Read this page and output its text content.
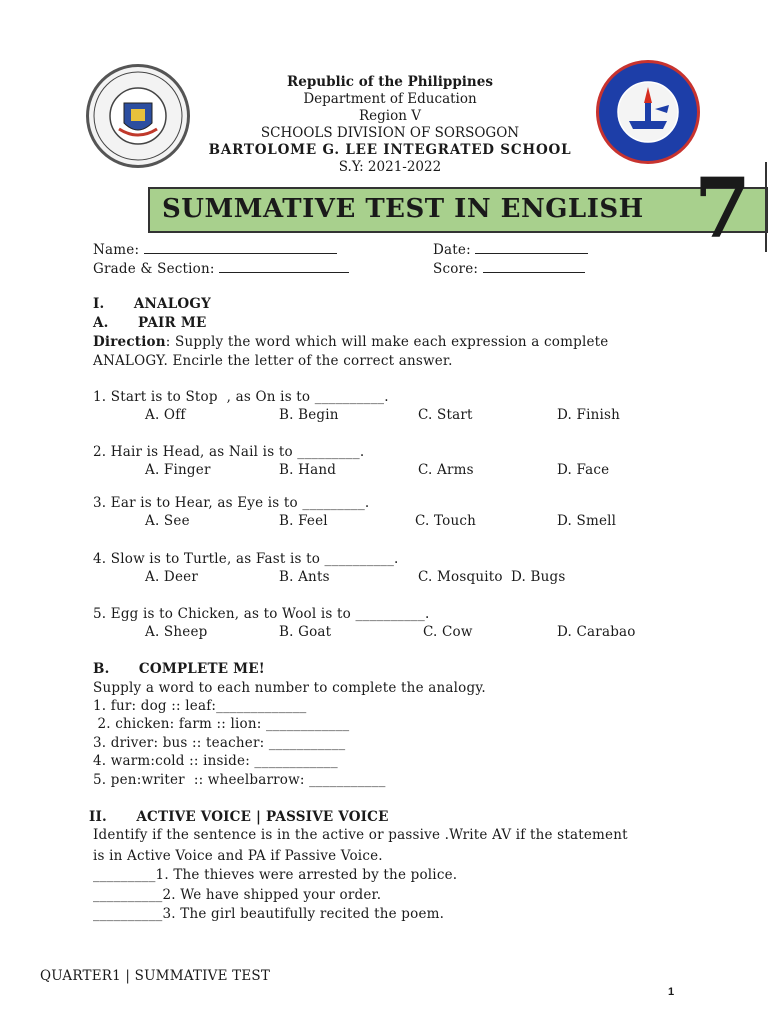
Republic of the Philippines
Department of Education
Region V
SCHOOLS DIVISION OF SORSOGON
BARTOLOME G. LEE INTEGRATED SCHOOL
S.Y: 2021-2022
SUMMATIVE TEST IN ENGLISH 7
Name:	Date:
Grade & Section:	Score:
I.      ANALOGY
A.      PAIR ME
Direction: Supply the word which will make each expression a complete
ANALOGY. Encirle the letter of the correct answer.
1. Start is to Stop  , as On is to __________.
A. Off	B. Begin	C. Start	D. Finish
2. Hair is Head, as Nail is to _________.
A. Finger	B. Hand	C. Arms	D. Face
3. Ear is to Hear, as Eye is to _________.
A. See	B. Feel	C. Touch	D. Smell
4. Slow is to Turtle, as Fast is to __________.
A. Deer	B. Ants	C. Mosquito D. Bugs
5. Egg is to Chicken, as to Wool is to __________.
A. Sheep	B. Goat	C. Cow	D. Carabao
B.      COMPLETE ME!
Supply a word to each number to complete the analogy.
1. fur: dog :: leaf:_____________
2. chicken: farm :: lion: ____________
3. driver: bus :: teacher: ___________
4. warm:cold :: inside: ____________
5. pen:writer  :: wheelbarrow: ___________
II.      ACTIVE VOICE | PASSIVE VOICE
Identify if the sentence is in the active or passive .Write AV if the statement
is in Active Voice and PA if Passive Voice.
_________1. The thieves were arrested by the police.
__________2. We have shipped your order.
__________3. The girl beautifully recited the poem.
QUARTER1 | SUMMATIVE TEST
1
